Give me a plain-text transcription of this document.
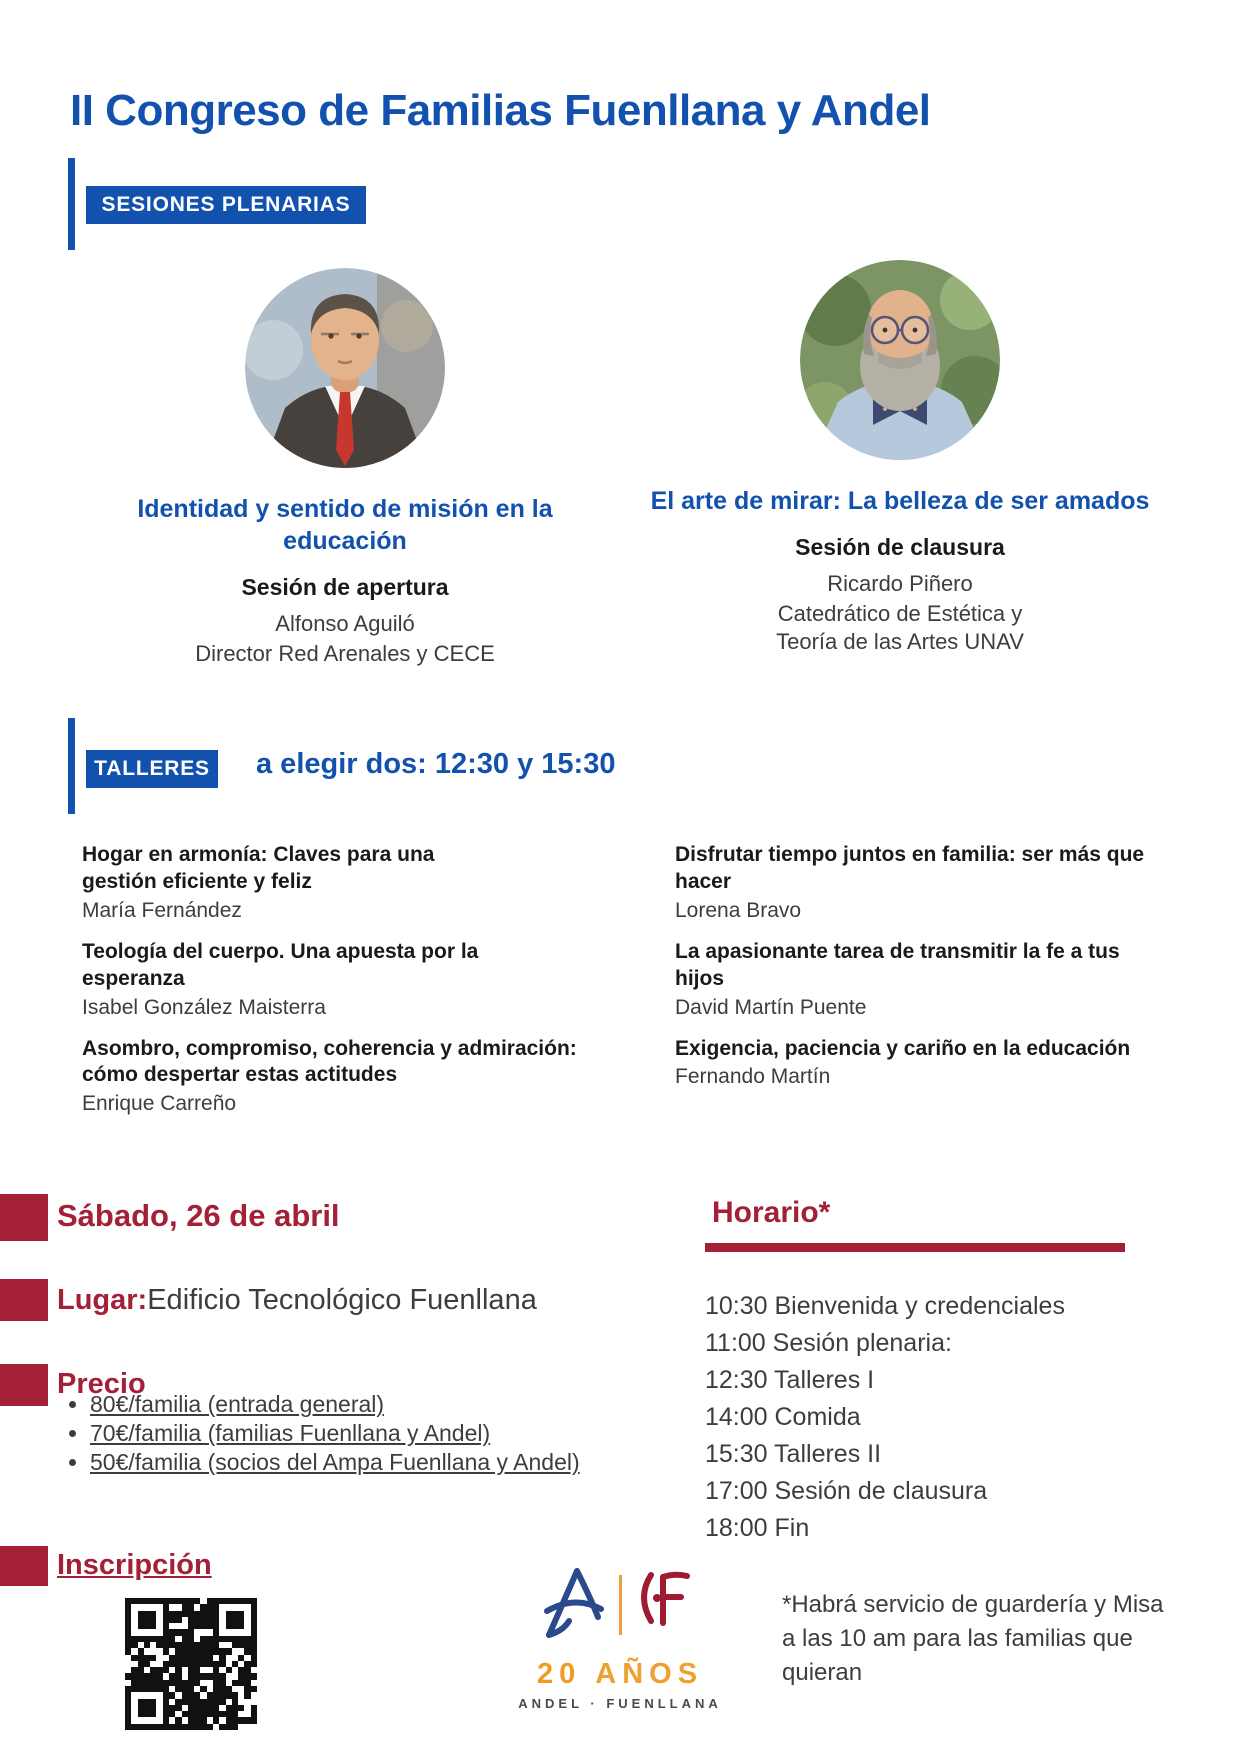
II Congreso de Familias Fuenllana y Andel
SESIONES PLENARIAS
Identidad y sentido de misión en la educación
Sesión de apertura
Alfonso Aguiló
Director Red Arenales y CECE
El arte de mirar: La belleza de ser amados
Sesión de clausura
Ricardo Piñero
Catedrático de Estética y Teoría de las Artes UNAV
TALLERES a elegir dos: 12:30 y 15:30
Hogar en armonía: Claves para una gestión eficiente y feliz
María Fernández
Teología del cuerpo. Una apuesta por la esperanza
Isabel González Maisterra
Asombro, compromiso, coherencia y admiración: cómo despertar estas actitudes
Enrique Carreño
Disfrutar tiempo juntos en familia: ser más que hacer
Lorena Bravo
La apasionante tarea de transmitir la fe a tus hijos
David Martín Puente
Exigencia, paciencia y cariño en la educación
Fernando Martín
Sábado, 26 de abril
Lugar:Edificio Tecnológico Fuenllana
Precio
• 80€/familia (entrada general)
• 70€/familia (familias Fuenllana y Andel)
• 50€/familia (socios del Ampa Fuenllana y Andel)
Inscripción
Horario*
10:30 Bienvenida y credenciales
11:00 Sesión plenaria:
12:30 Talleres I
14:00 Comida
15:30 Talleres II
17:00 Sesión de clausura
18:00 Fin
20 AÑOS
ANDEL · FUENLLANA
*Habrá servicio de guardería y Misa a las 10 am para las familias que quieran
